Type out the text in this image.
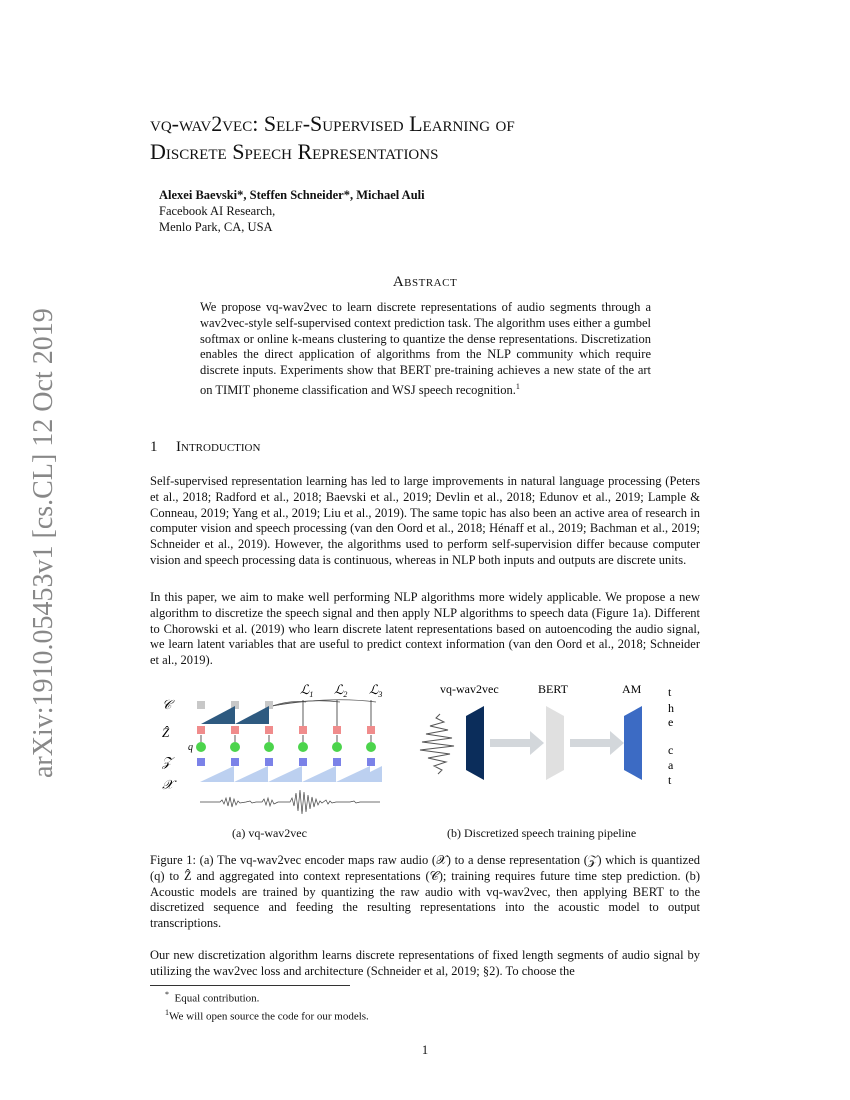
arXiv:1910.05453v1 [cs.CL] 12 Oct 2019
vq-wav2vec: Self-Supervised Learning of
Discrete Speech Representations
Alexei Baevski*, Steffen Schneider*, Michael Auli
Facebook AI Research,
Menlo Park, CA, USA
Abstract
We propose vq-wav2vec to learn discrete representations of audio segments through a wav2vec-style self-supervised context prediction task. The algorithm uses either a gumbel softmax or online k-means clustering to quantize the dense representations. Discretization enables the direct application of algorithms from the NLP community which require discrete inputs. Experiments show that BERT pre-training achieves a new state of the art on TIMIT phoneme classification and WSJ speech recognition.$^1$
1 Introduction
Self-supervised representation learning has led to large improvements in natural language processing (Peters et al., 2018; Radford et al., 2018; Baevski et al., 2019; Devlin et al., 2018; Edunov et al., 2019; Lample & Conneau, 2019; Yang et al., 2019; Liu et al., 2019). The same topic has also been an active area of research in computer vision and speech processing (van den Oord et al., 2018; Hénaff et al., 2019; Bachman et al., 2019; Schneider et al., 2019). However, the algorithms used to perform self-supervision differ because computer vision and speech processing data is continuous, whereas in NLP both inputs and outputs are discrete units.
In this paper, we aim to make well performing NLP algorithms more widely applicable. We propose a new algorithm to discretize the speech signal and then apply NLP algorithms to speech data (Figure 1a). Different to Chorowski et al. (2019) who learn discrete latent representations based on autoencoding the audio signal, we learn latent variables that are useful to predict context information (van den Oord et al., 2018; Schneider et al., 2019).
𝒞
Ẑ
𝒵
𝒳
q
ℒ$_1$ ℒ$_2$ ℒ$_3$	vq-wav2vec	BERT	AM t
h
e
c
a
t
(a) vq-wav2vec	(b) Discretized speech training pipeline
Figure 1: (a) The vq-wav2vec encoder maps raw audio (𝒳) to a dense representation (𝒵) which is quantized (q) to Ẑ and aggregated into context representations (𝒞); training requires future time step prediction. (b) Acoustic models are trained by quantizing the raw audio with vq-wav2vec, then applying BERT to the discretized sequence and feeding the resulting representations into the acoustic model to output transcriptions.
Our new discretization algorithm learns discrete representations of fixed length segments of audio signal by utilizing the wav2vec loss and architecture (Schneider et al, 2019; §2). To choose the
* Equal contribution.
$^1$We will open source the code for our models.
1
